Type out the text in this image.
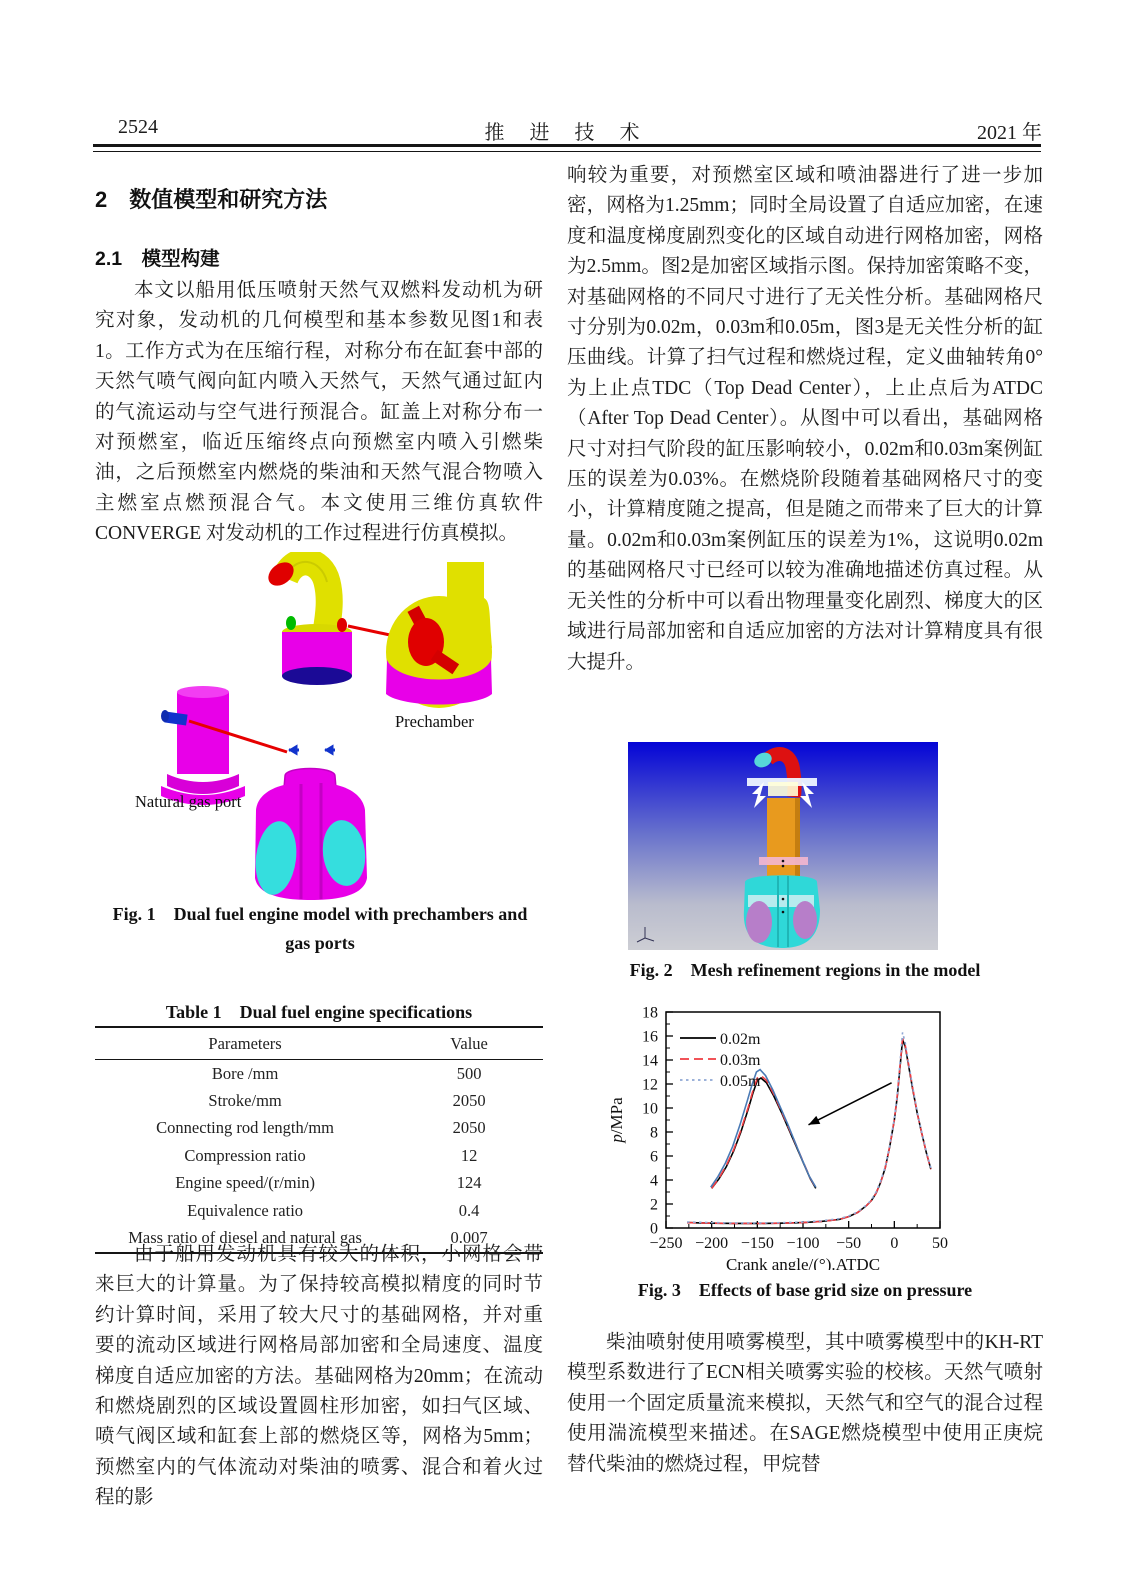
2524	推 进 技 术	2021 年
2　数值模型和研究方法
2.1　模型构建
本文以船用低压喷射天然气双燃料发动机为研究对象，发动机的几何模型和基本参数见图1和表1。工作方式为在压缩行程，对称分布在缸套中部的天然气喷气阀向缸内喷入天然气，天然气通过缸内的气流运动与空气进行预混合。缸盖上对称分布一对预燃室，临近压缩终点向预燃室内喷入引燃柴油，之后预燃室内燃烧的柴油和天然气混合物喷入主燃室点燃预混合气。本文使用三维仿真软件 CONVERGE 对发动机的工作过程进行仿真模拟。
Prechamber
Natural gas port
Fig. 1　Dual fuel engine model with prechambers and gas ports
Table 1　Dual fuel engine specifications
Parameters	Value
Bore /mm	500
Stroke/mm	2050
Connecting rod length/mm	2050
Compression ratio	12
Engine speed/(r/min)	124
Equivalence ratio	0.4
Mass ratio of diesel and natural gas	0.007
由于船用发动机具有较大的体积，小网格会带来巨大的计算量。为了保持较高模拟精度的同时节约计算时间，采用了较大尺寸的基础网格，并对重要的流动区域进行网格局部加密和全局速度、温度梯度自适应加密的方法。基础网格为20mm；在流动和燃烧剧烈的区域设置圆柱形加密，如扫气区域、喷气阀区域和缸套上部的燃烧区等，网格为5mm；预燃室内的气体流动对柴油的喷雾、混合和着火过程的影
响较为重要，对预燃室区域和喷油器进行了进一步加密，网格为1.25mm；同时全局设置了自适应加密，在速度和温度梯度剧烈变化的区域自动进行网格加密，网格为2.5mm。图2是加密区域指示图。保持加密策略不变，对基础网格的不同尺寸进行了无关性分析。基础网格尺寸分别为0.02m，0.03m和0.05m，图3是无关性分析的缸压曲线。计算了扫气过程和燃烧过程，定义曲轴转角0°为上止点TDC（Top Dead Center），上止点后为ATDC（After Top Dead Center）。从图中可以看出，基础网格尺寸对扫气阶段的缸压影响较小，0.02m和0.03m案例缸压的误差为0.03%。在燃烧阶段随着基础网格尺寸的变小，计算精度随之提高，但是随之而带来了巨大的计算量。0.02m和0.03m案例缸压的误差为1%，这说明0.02m的基础网格尺寸已经可以较为准确地描述仿真过程。从无关性的分析中可以看出物理量变化剧烈、梯度大的区域进行局部加密和自适应加密的方法对计算精度具有很大提升。
Fig. 2　Mesh refinement regions in the model
−250 −200 −150 −100 −50 0 50
0
2
4
6
8
10
12
14
16
18
p/MPa
Crank angle/(°).ATDC
0.02m
0.03m
0.05m
Fig. 3　Effects of base grid size on pressure
柴油喷射使用喷雾模型，其中喷雾模型中的KH-RT模型系数进行了ECN相关喷雾实验的校核。天然气喷射使用一个固定质量流来模拟，天然气和空气的混合过程使用湍流模型来描述。在SAGE燃烧模型中使用正庚烷替代柴油的燃烧过程，甲烷替
